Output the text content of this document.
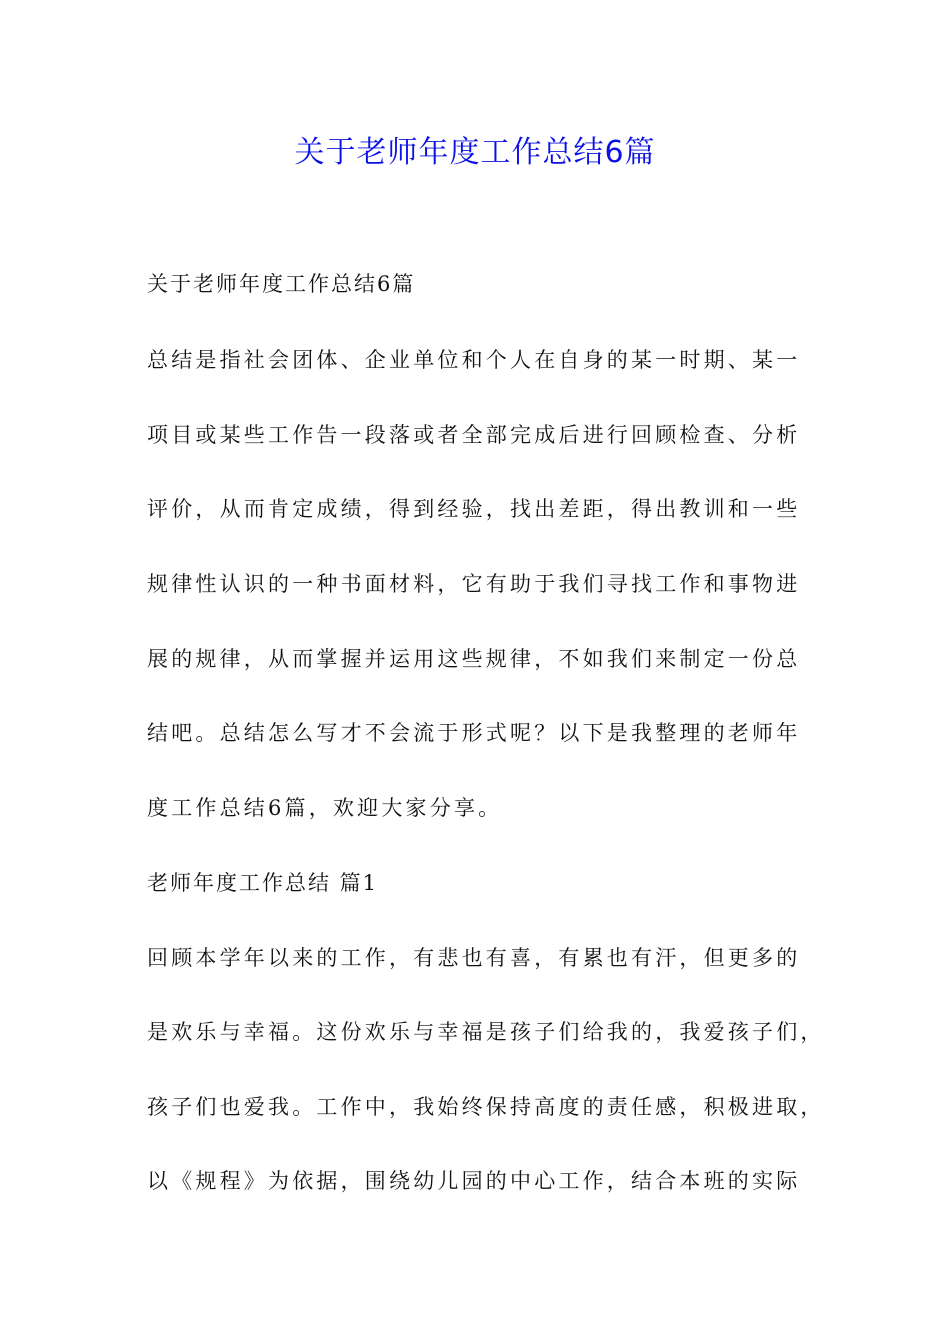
关于老师年度工作总结6篇
关于老师年度工作总结6篇
总结是指社会团体、企业单位和个人在自身的某一时期、某一
项目或某些工作告一段落或者全部完成后进行回顾检查、分析
评价，从而肯定成绩，得到经验，找出差距，得出教训和一些
规律性认识的一种书面材料，它有助于我们寻找工作和事物进
展的规律，从而掌握并运用这些规律，不如我们来制定一份总
结吧。总结怎么写才不会流于形式呢？以下是我整理的老师年
度工作总结6篇，欢迎大家分享。
老师年度工作总结 篇1
回顾本学年以来的工作，有悲也有喜，有累也有汗，但更多的
是欢乐与幸福。这份欢乐与幸福是孩子们给我的，我爱孩子们，
孩子们也爱我。工作中，我始终保持高度的责任感，积极进取，
以《规程》为依据，围绕幼儿园的中心工作，结合本班的实际
